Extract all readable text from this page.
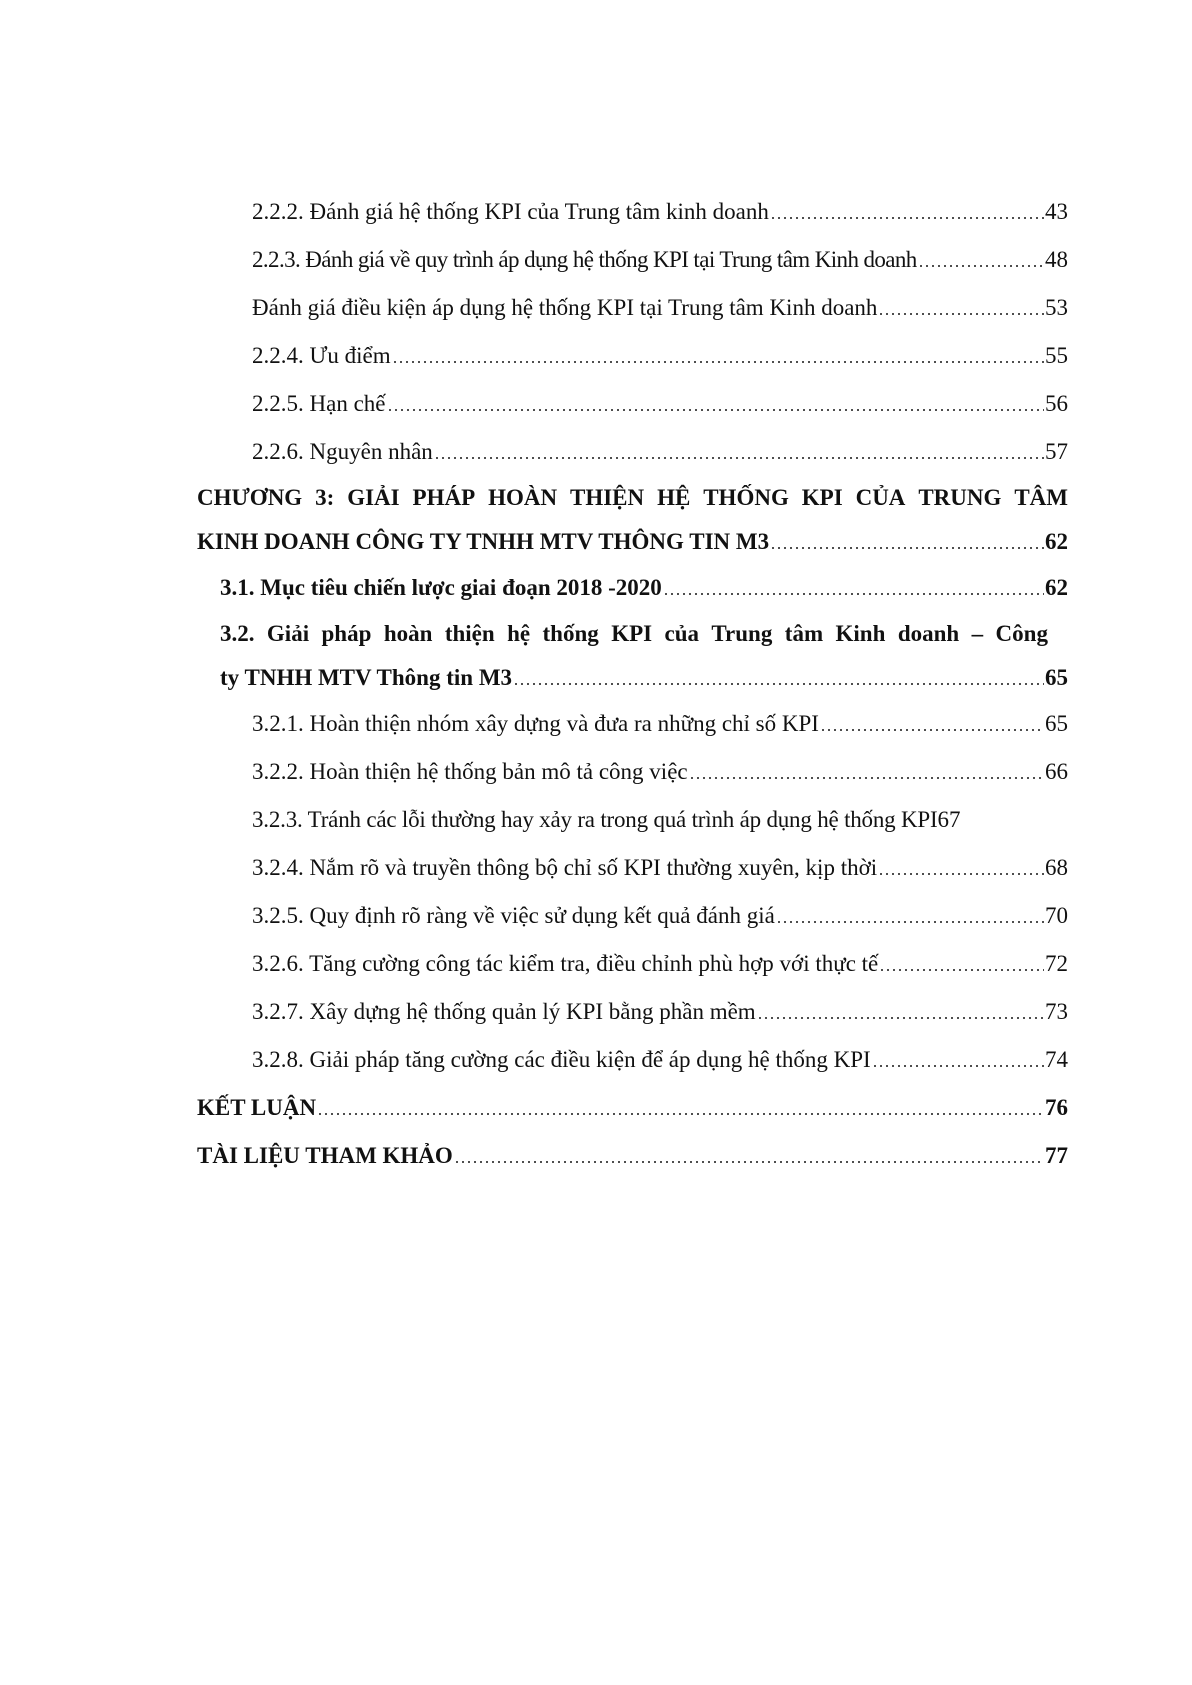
2.2.2. Đánh giá hệ thống KPI của Trung tâm kinh doanh	43
2.2.3. Đánh giá về quy trình áp dụng hệ thống KPI tại Trung tâm Kinh doanh	48
Đánh giá điều kiện áp dụng hệ thống KPI tại Trung tâm Kinh doanh	53
2.2.4. Ưu điểm	55
2.2.5. Hạn chế	56
2.2.6. Nguyên nhân	57
CHƯƠNG 3: GIẢI PHÁP HOÀN THIỆN HỆ THỐNG KPI CỦA TRUNG TÂM
KINH DOANH CÔNG TY TNHH MTV THÔNG TIN M3	62
3.1. Mục tiêu chiến lược giai đoạn 2018 -2020	62
3.2. Giải pháp hoàn thiện hệ thống KPI của Trung tâm Kinh doanh – Công
ty TNHH MTV Thông tin M3	65
3.2.1. Hoàn thiện nhóm xây dựng và đưa ra những chỉ số KPI	65
3.2.2. Hoàn thiện hệ thống bản mô tả công việc	66
3.2.3. Tránh các lỗi thường hay xảy ra trong quá trình áp dụng hệ thống KPI 67
3.2.4. Nắm rõ và truyền thông bộ chỉ số KPI thường xuyên, kịp thời	68
3.2.5. Quy định rõ ràng về việc sử dụng kết quả đánh giá	70
3.2.6. Tăng cường công tác kiểm tra, điều chỉnh phù hợp với thực tế	72
3.2.7. Xây dựng hệ thống quản lý KPI bằng phần mềm	73
3.2.8. Giải pháp tăng cường các điều kiện để áp dụng hệ thống KPI	74
KẾT LUẬN	76
TÀI LIỆU THAM KHẢO	77
